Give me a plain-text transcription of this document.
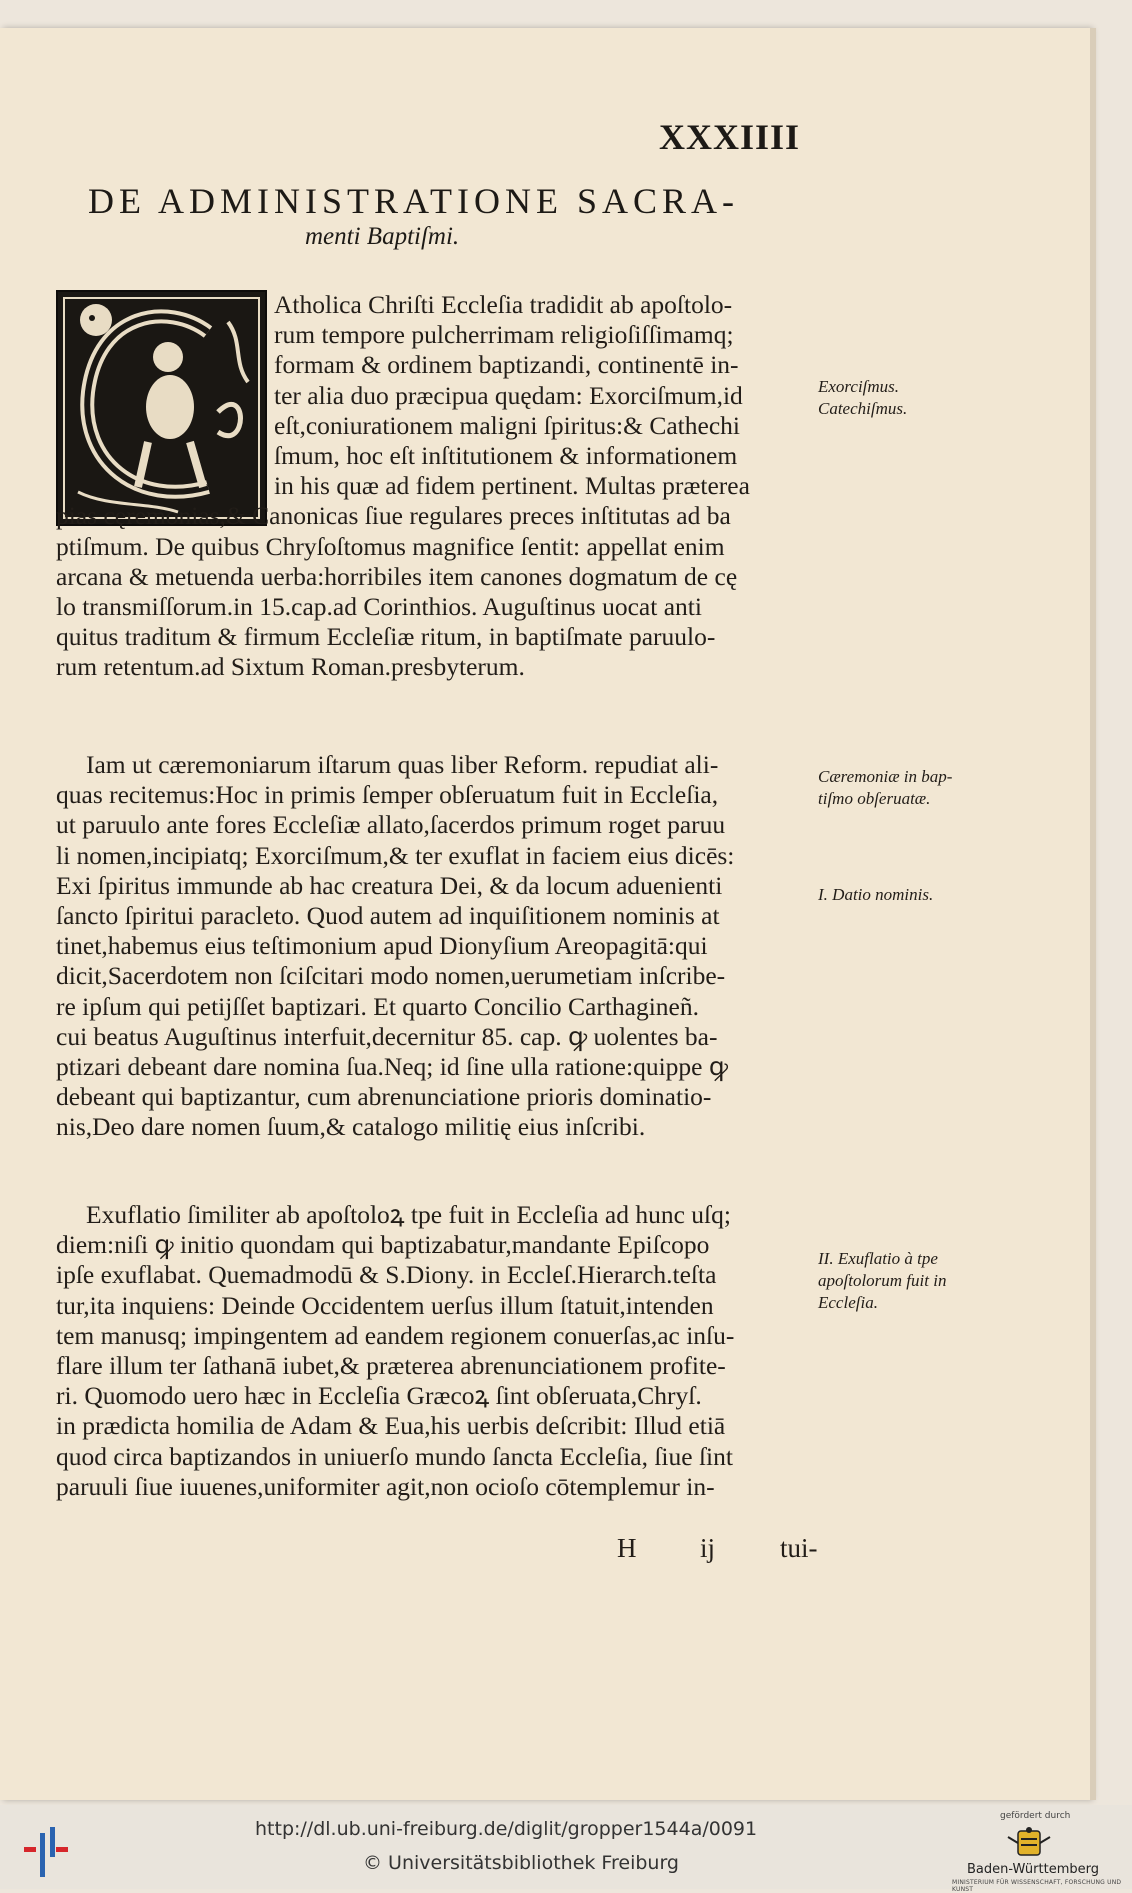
XXXIIII
DE ADMINISTRATIONE SACRA-
menti Baptiſmi.
C
Atholica Chriſti Eccleſia tradidit ab apoſtolo-
rum tempore pulcherrimam religioſiſſimamq;
formam & ordinem baptizandi, continentē in-
ter alia duo præcipua quędam: Exorciſmum,id
eſt,coniurationem maligni ſpiritus:& Cathechi
ſmum, hoc eſt inſtitutionem & informationem
in his quæ ad fidem pertinent. Multas præterea
pias cęremonias,& Canonicas ſiue regulares preces inſtitutas ad ba
ptiſmum. De quibus Chryſoſtomus magnifice ſentit: appellat enim
arcana & metuenda uerba:horribiles item canones dogmatum de cę
lo transmiſſorum.in 15.cap.ad Corinthios. Auguſtinus uocat anti
quitus traditum & firmum Eccleſiæ ritum, in baptiſmate paruulo-
rum retentum.ad Sixtum Roman.presbyterum.
Iam ut cæremoniarum iſtarum quas liber Reform. repudiat ali-
quas recitemus:Hoc in primis ſemper obſeruatum fuit in Eccleſia,
ut paruulo ante fores Eccleſiæ allato,ſacerdos primum roget paruu
li nomen,incipiatq; Exorciſmum,& ter exuflat in faciem eius dicēs:
Exi ſpiritus immunde ab hac creatura Dei, & da locum aduenienti
ſancto ſpiritui paracleto. Quod autem ad inquiſitionem nominis at
tinet,habemus eius teſtimonium apud Dionyſium Areopagitā:qui
dicit,Sacerdotem non ſciſcitari modo nomen,uerumetiam inſcribe-
re ipſum qui petijſſet baptizari. Et quarto Concilio Carthagineñ.
cui beatus Auguſtinus interfuit,decernitur 85. cap. ꝙ uolentes ba-
ptizari debeant dare nomina ſua.Neq; id ſine ulla ratione:quippe ꝙ
debeant qui baptizantur, cum abrenunciatione prioris dominatio-
nis,Deo dare nomen ſuum,& catalogo militię eius inſcribi.
Exuflatio ſimiliter ab apoſtoloꝝ tpe fuit in Eccleſia ad hunc uſq;
diem:niſi ꝙ initio quondam qui baptizabatur,mandante Epiſcopo
ipſe exuflabat. Quemadmodū & S.Diony. in Eccleſ.Hierarch.teſta
tur,ita inquiens: Deinde Occidentem uerſus illum ſtatuit,intenden
tem manusq; impingentem ad eandem regionem conuerſas,ac inſu-
flare illum ter ſathanā iubet,& præterea abrenunciationem profite-
ri. Quomodo uero hæc in Eccleſia Græcoꝝ ſint obſeruata,Chryſ.
in prædicta homilia de Adam & Eua,his uerbis deſcribit: Illud etiā
quod circa baptizandos in uniuerſo mundo ſancta Eccleſia, ſiue ſint
paruuli ſiue iuuenes,uniformiter agit,non ocioſo cōtemplemur in-
Exorciſmus.
Catechiſmus.
Cæremoniæ in bap-
tiſmo obſeruatæ.
I. Datio nominis.
II. Exuflatio à tpe
apoſtolorum fuit in
Eccleſia.
H ij tui-
http://dl.ub.uni-freiburg.de/diglit/gropper1544a/0091
© Universitätsbibliothek Freiburg
gefördert durch
Baden-Württemberg
MINISTERIUM FÜR WISSENSCHAFT, FORSCHUNG UND KUNST
